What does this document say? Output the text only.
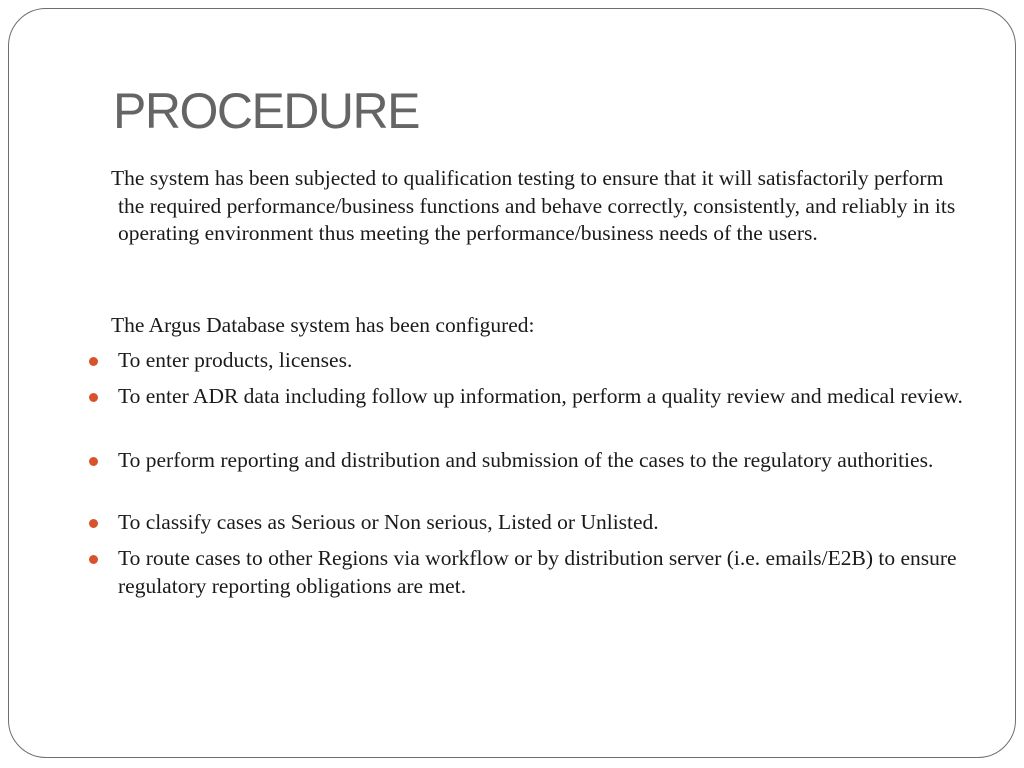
PROCEDURE

The system has been subjected to qualification testing to ensure that it will satisfactorily perform the required performance/business functions and behave correctly, consistently, and reliably in its operating environment thus meeting the performance/business needs of the users.

The Argus Database system has been configured:

To enter products, licenses.
To enter ADR data including follow up information, perform a quality review and medical review.
To perform reporting and distribution and submission of the cases to the regulatory authorities.
To classify cases as Serious or Non serious, Listed or Unlisted.
To route cases to other Regions via workflow or by distribution server (i.e. emails/E2B) to ensure regulatory reporting obligations are met.
